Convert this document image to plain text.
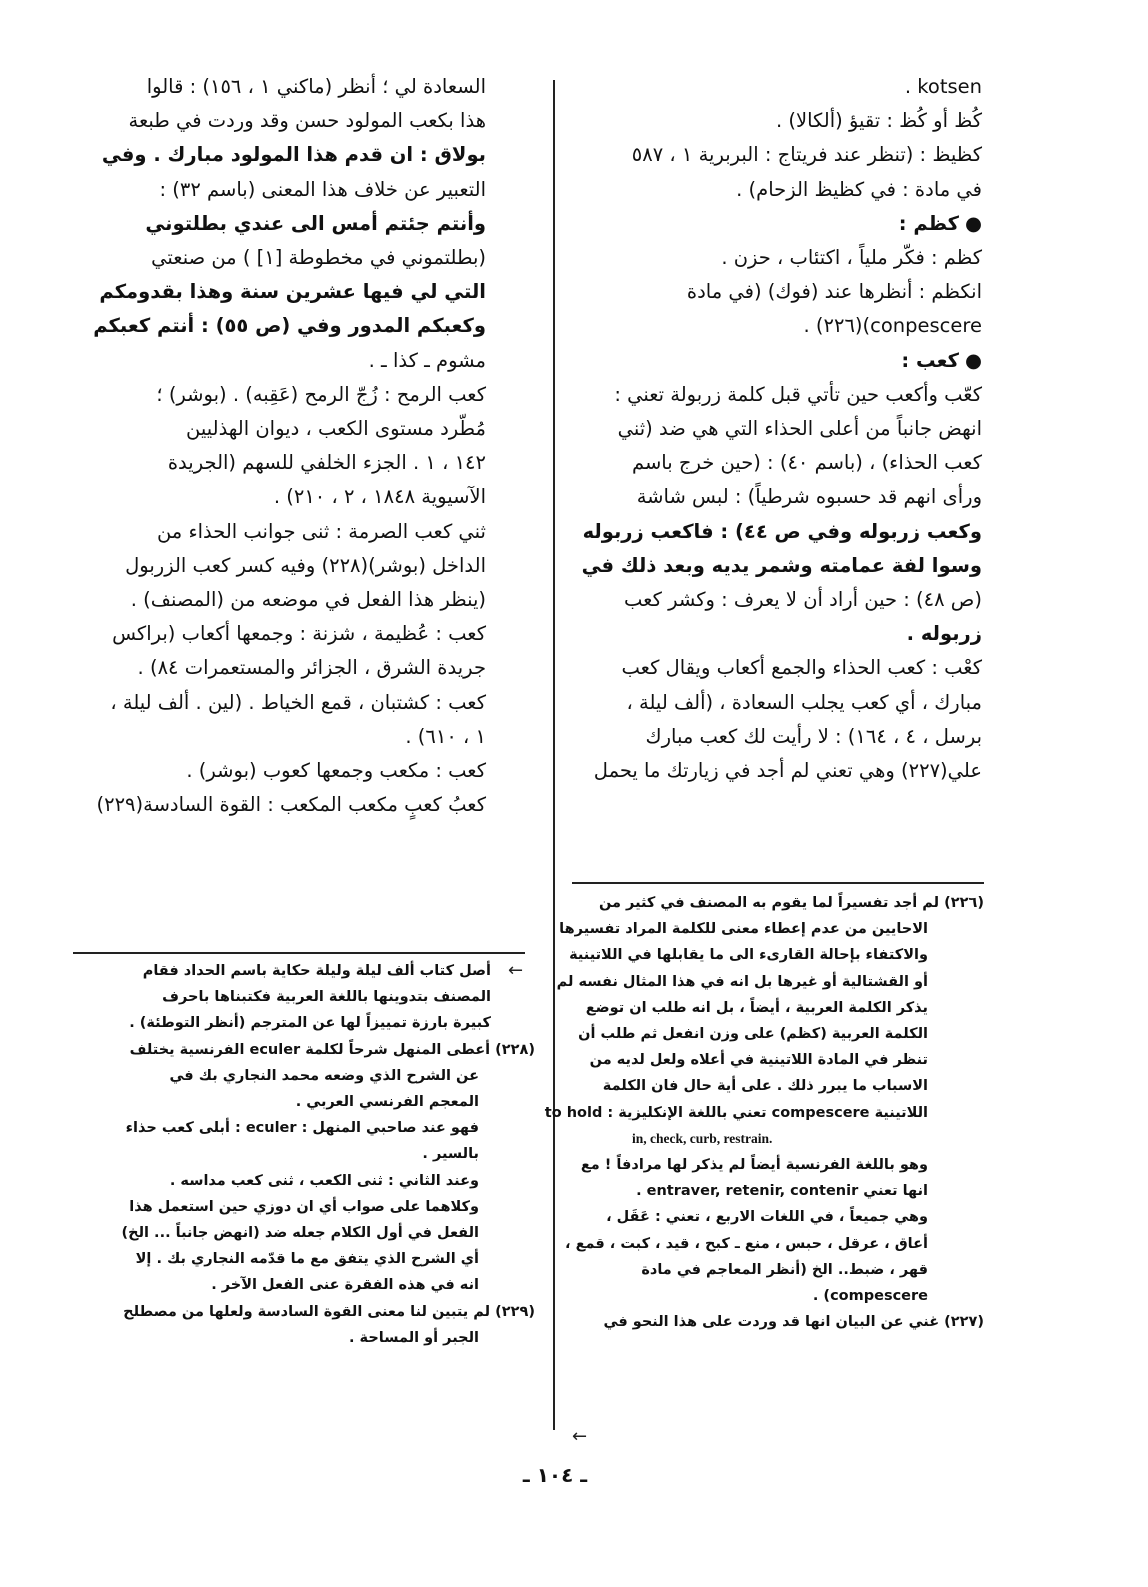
kotsen .
كُظ أو كُظ : تقيؤ (ألكالا) .
كظيظ : (تنظر عند فريتاج : البربرية ١ ، ٥٨٧
في مادة : في كظيظ الزحام) .
●كظم :
كظم : فكّر ملياً ، اكتئاب ، حزن .
انكظم : أنظرها عند (فوك) (في مادة
conpescere)(٢٢٦) .
●كعب :
كعّب وأكعب حين تأتي قبل كلمة زربولة تعني :
انهض جانباً من أعلى الحذاء التي هي ضد (ثني
كعب الحذاء) ، (باسم ٤٠) : (حين خرج باسم
ورأى انهم قد حسبوه شرطياً) : لبس شاشة
وكعب زربوله وفي ص ٤٤) : فاكعب زربوله
وسوا لفة عمامته وشمر يديه وبعد ذلك في
(ص ٤٨) : حين أراد أن لا يعرف : وكشر كعب
زربوله .
كعْب : كعب الحذاء والجمع أكعاب ويقال كعب
مبارك ، أي كعب يجلب السعادة ، (ألف ليلة ،
برسل ، ٤ ، ١٦٤) : لا رأيت لك كعب مبارك
علي(٢٢٧) وهي تعني لم أجد في زيارتك ما يحمل
السعادة لي ؛ أنظر (ماكني ١ ، ١٥٦) : قالوا
هذا بكعب المولود حسن وقد وردت في طبعة
بولاق : ان قدم هذا المولود مبارك . وفي
التعبير عن خلاف هذا المعنى (باسم ٣٢) :
وأنتم جئتم أمس الى عندي بطلتوني
(بطلتموني في مخطوطة [١] ) من صنعتي
التي لي فيها عشرين سنة وهذا بقدومكم
وكعبكم المدور وفي (ص ٥٥) : أنتم كعبكم
مشوم ـ كذا ـ .
كعب الرمح : زُجّ الرمح (عَقِبه) . (بوشر) ؛
مُطّرد مستوى الكعب ، ديوان الهذليين
١٤٢ ، ١ . الجزء الخلفي للسهم (الجريدة
الآسيوية ١٨٤٨ ، ٢ ، ٢١٠) .
ثني كعب الصرمة : ثنى جوانب الحذاء من
الداخل (بوشر)(٢٢٨) وفيه كسر كعب الزربول
(ينظر هذا الفعل في موضعه من (المصنف) .
كعب : عُظيمة ، شزنة : وجمعها أكعاب (براكس
جريدة الشرق ، الجزائر والمستعمرات ٨٤) .
كعب : كشتبان ، قمع الخياط . (لين . ألف ليلة ،
١ ، ٦١٠) .
كعب : مكعب وجمعها كعوب (بوشر) .
كعبُ كعبٍ مكعب المكعب : القوة السادسة(٢٢٩)
(٢٢٦) لم أجد تفسيراً لما يقوم به المصنف في كثير من
الاحايين من عدم إعطاء معنى للكلمة المراد تفسيرها
والاكتفاء بإحالة القارىء الى ما يقابلها في اللاتينية
أو القشتالية أو غيرها بل انه في هذا المثال نفسه لم
يذكر الكلمة العربية ، أيضاً ، بل انه طلب ان توضع
الكلمة العربية (كظم) على وزن انفعل ثم طلب أن
تنظر في المادة اللاتينية في أعلاه ولعل لديه من
الاسباب ما يبرر ذلك . على أية حال فان الكلمة
اللاتينية compescere تعني باللغة الإنكليزية : to hold
in, check, curb, restrain.
وهو باللغة الفرنسية أيضاً لم يذكر لها مرادفاً ! مع
انها تعني entraver, retenir, contenir .
وهي جميعاً ، في اللغات الاربع ، تعني : عَقَل ،
أعاق ، عرقل ، حبس ، منع ـ كبح ، قيد ، كبت ، قمع ،
قهر ، ضبط.. الخ (أنظر المعاجم في مادة
compescere) .
(٢٢٧) غني عن البيان انها قد وردت على هذا النحو في
←
أصل كتاب ألف ليلة وليلة حكاية باسم الحداد فقام
المصنف بتدوينها باللغة العربية فكتبناها باحرف
كبيرة بارزة تمييزاً لها عن المترجم (أنظر التوطئة) .
(٢٢٨) أعطى المنهل شرحاً لكلمة eculer الفرنسية يختلف
عن الشرح الذي وضعه محمد النجاري بك في
المعجم الفرنسي العربي .
فهو عند صاحبي المنهل : eculer : أبلى كعب حذاء
بالسير .
وعند الثاني : ثنى الكعب ، ثنى كعب مداسه .
وكلاهما على صواب أي ان دوزي حين استعمل هذا
الفعل في أول الكلام جعله ضد (انهض جانباً ... الخ)
أي الشرح الذي يتفق مع ما قدّمه النجاري بك . إلا
انه في هذه الفقرة عنى الفعل الآخر .
(٢٢٩) لم يتبين لنا معنى القوة السادسة ولعلها من مصطلح
الجبر أو المساحة .
←
ـ ١٠٤ ـ
